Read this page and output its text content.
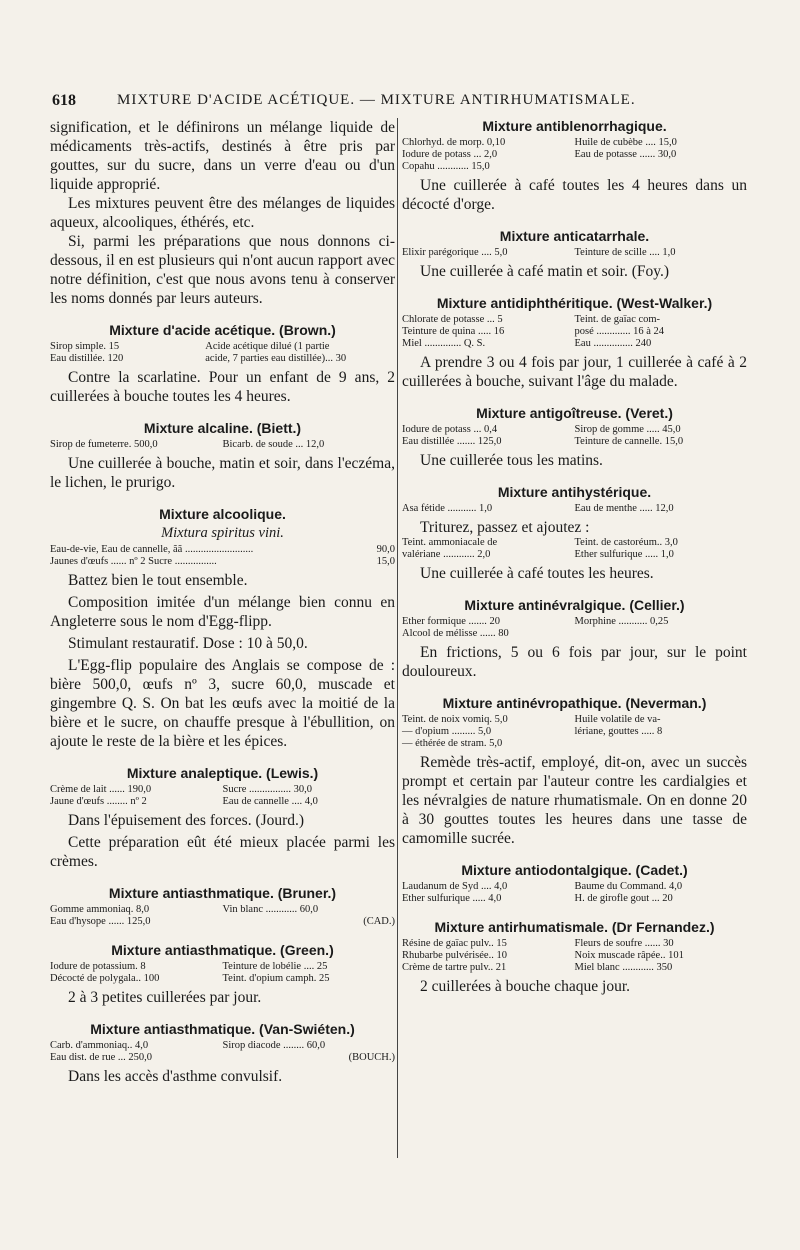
618	MIXTURE D'ACIDE ACÉTIQUE. — MIXTURE ANTIRHUMATISMALE.

signification, et le définirons un mélange liquide de médicaments très-actifs, destinés à être pris par gouttes, sur du sucre, dans un verre d'eau ou d'un liquide approprié.

Les mixtures peuvent être des mélanges de liquides aqueux, alcooliques, éthérés, etc.

Si, parmi les préparations que nous donnons ci-dessous, il en est plusieurs qui n'ont aucun rapport avec notre définition, c'est que nous avons tenu à conserver les noms donnés par leurs auteurs.

Mixture d'acide acétique. (Brown.)

Sirop simple. 15	Acide acétique dilué (1 partie
Eau distillée. 120	acide, 7 parties eau distillée)... 30

Contre la scarlatine. Pour un enfant de 9 ans, 2 cuillerées à bouche toutes les 4 heures.

Mixture alcaline. (Biett.)

Sirop de fumeterre. 500,0	Bicarb. de soude ... 12,0

Une cuillerée à bouche, matin et soir, dans l'eczéma, le lichen, le prurigo.

Mixture alcoolique.

Mixtura spiritus vini.

Eau-de-vie, Eau de cannelle, ãã ..........................	90,0
Jaunes d'œufs ...... nº 2 Sucre ................	15,0

Battez bien le tout ensemble.

Composition imitée d'un mélange bien connu en Angleterre sous le nom d'Egg-flipp.

Stimulant restauratif. Dose : 10 à 50,0.

L'Egg-flip populaire des Anglais se compose de : bière 500,0, œufs nº 3, sucre 60,0, muscade et gingembre Q. S. On bat les œufs avec la moitié de la bière et le sucre, on chauffe presque à l'ébullition, on ajoute le reste de la bière et les épices.

Mixture analeptique. (Lewis.)

Crème de lait ...... 190,0	Sucre ................ 30,0
Jaune d'œufs ........ nº 2	Eau de cannelle .... 4,0

Dans l'épuisement des forces. (Jourd.)

Cette préparation eût été mieux placée parmi les crèmes.

Mixture antiasthmatique. (Bruner.)

Gomme ammoniaq. 8,0	Vin blanc ............ 60,0
Eau d'hysope ...... 125,0	(CAD.)

Mixture antiasthmatique. (Green.)

Iodure de potassium. 8	Teinture de lobélie .... 25
Décocté de polygala.. 100	Teint. d'opium camph. 25

2 à 3 petites cuillerées par jour.

Mixture antiasthmatique. (Van-Swiéten.)

Carb. d'ammoniaq.. 4,0	Sirop diacode ........ 60,0
Eau dist. de rue ... 250,0	(BOUCH.)

Dans les accès d'asthme convulsif.

Mixture antiblenorrhagique.

Chlorhyd. de morp. 0,10	Huile de cubèbe .... 15,0
Iodure de potass ... 2,0	Eau de potasse ...... 30,0
Copahu ............ 15,0	

Une cuillerée à café toutes les 4 heures dans un décocté d'orge.

Mixture anticatarrhale.

Elixir parégorique .... 5,0	Teinture de scille .... 1,0

Une cuillerée à café matin et soir. (Foy.)

Mixture antidiphthéritique. (West-Walker.)

Chlorate de potasse ... 5	Teint. de gaïac com-
Teinture de quina ..... 16	posé ............. 16 à 24
Miel .............. Q. S.	Eau ............... 240

A prendre 3 ou 4 fois par jour, 1 cuillerée à café à 2 cuillerées à bouche, suivant l'âge du malade.

Mixture antigoîtreuse. (Veret.)

Iodure de potass ... 0,4	Sirop de gomme ..... 45,0
Eau distillée ....... 125,0	Teinture de cannelle. 15,0

Une cuillerée tous les matins.

Mixture antihystérique.

Asa fétide ........... 1,0	Eau de menthe ..... 12,0

Triturez, passez et ajoutez :

Teint. ammoniacale de	Teint. de castoréum.. 3,0
valériane ............ 2,0	Ether sulfurique ..... 1,0

Une cuillerée à café toutes les heures.

Mixture antinévralgique. (Cellier.)

Ether formique ....... 20	Morphine ........... 0,25
Alcool de mélisse ...... 80	

En frictions, 5 ou 6 fois par jour, sur le point douloureux.

Mixture antinévropathique. (Neverman.)

Teint. de noix vomiq. 5,0	Huile volatile de va-
— d'opium ......... 5,0	lériane, gouttes ..... 8
— éthérée de stram. 5,0	

Remède très-actif, employé, dit-on, avec un succès prompt et certain par l'auteur contre les cardialgies et les névralgies de nature rhumatismale. On en donne 20 à 30 gouttes toutes les heures dans une tasse de camomille sucrée.

Mixture antiodontalgique. (Cadet.)

Laudanum de Syd .... 4,0	Baume du Command. 4,0
Ether sulfurique ..... 4,0	H. de girofle gout ... 20

Mixture antirhumatismale. (Dr Fernandez.)

Résine de gaïac pulv.. 15	Fleurs de soufre ...... 30
Rhubarbe pulvérisée.. 10	Noix muscade râpée.. 101
Crème de tartre pulv.. 21	Miel blanc ............ 350

2 cuillerées à bouche chaque jour.
